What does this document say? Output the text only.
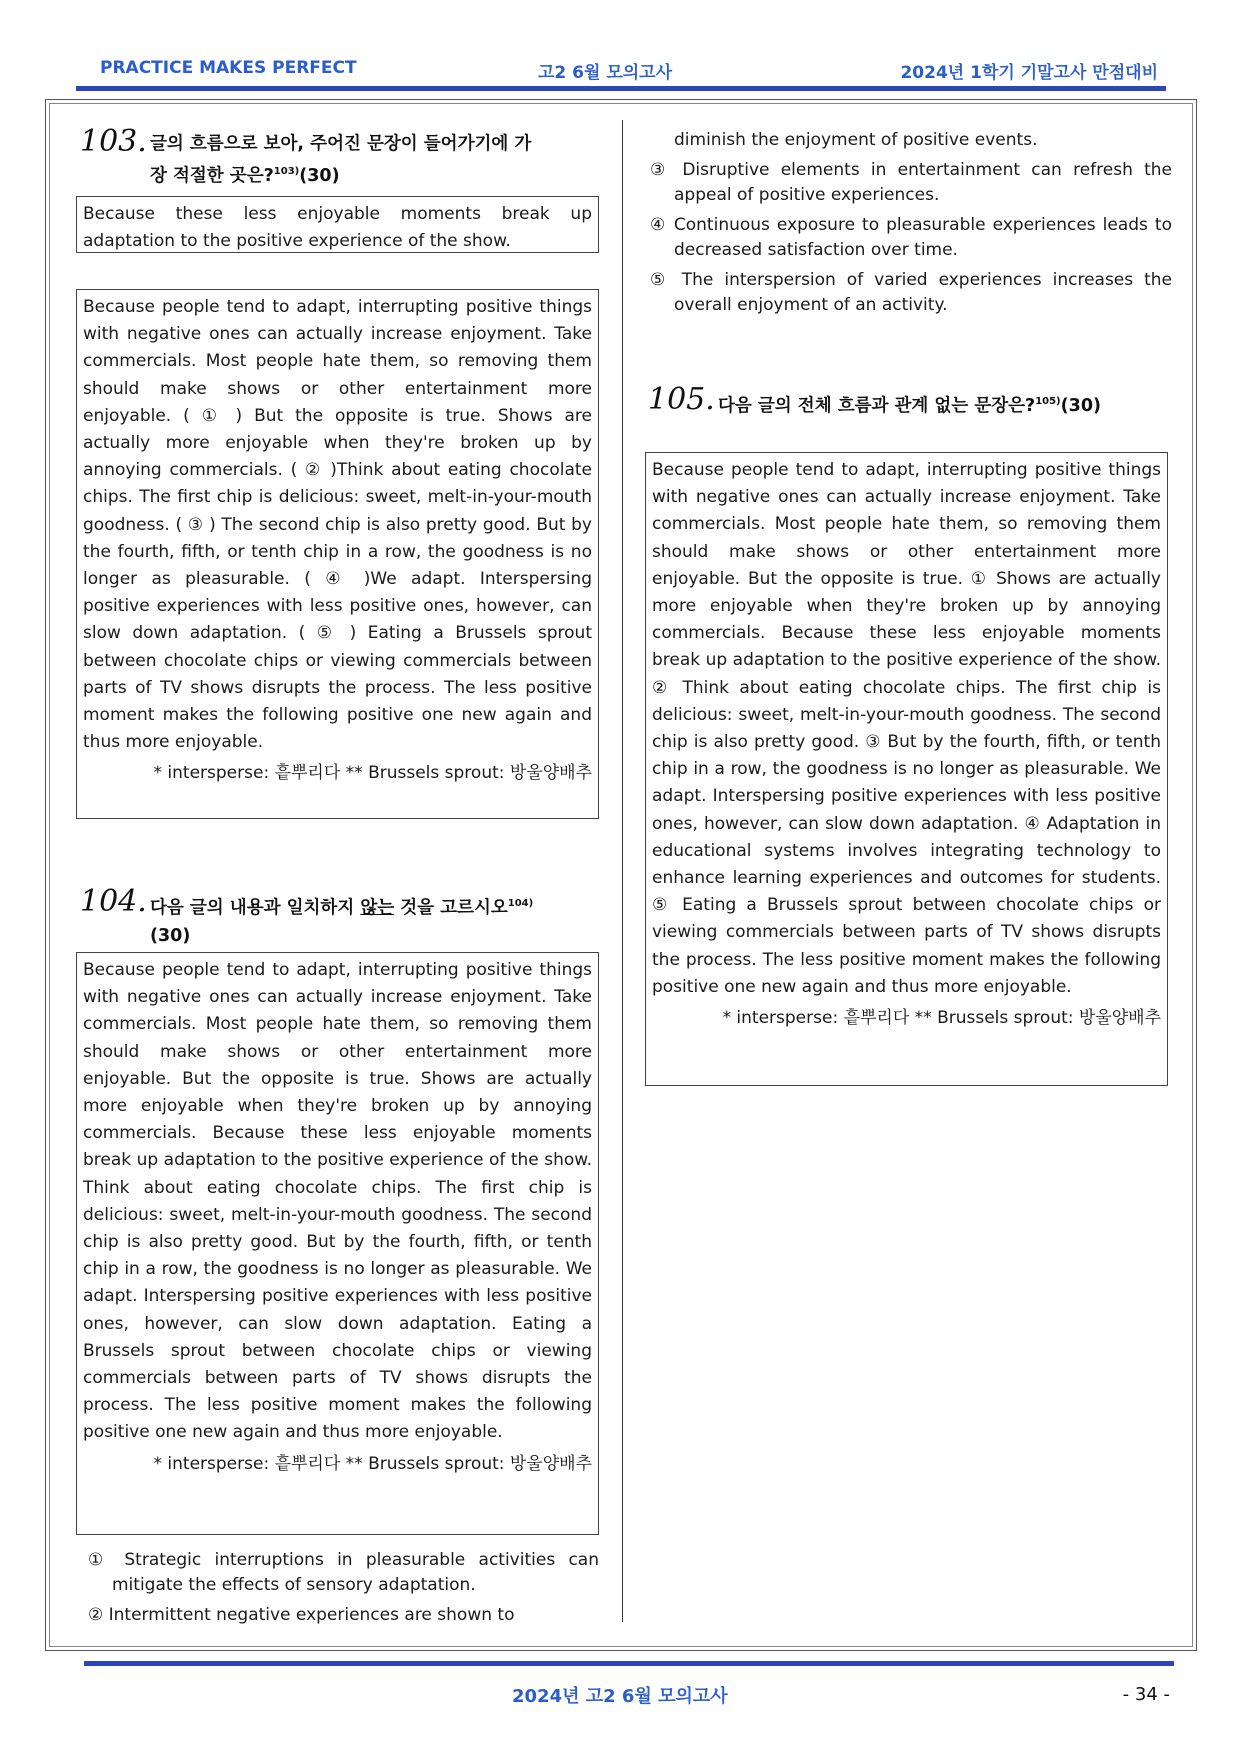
PRACTICE MAKES PERFECT	고2 6월 모의고사	2024년 1학기 기말고사 만점대비
103. 글의 흐름으로 보아, 주어진 문장이 들어가기에 가
장 적절한 곳은?$^{103)}$(30)
Because these less enjoyable moments break up adaptation to the positive experience of the show.
Because people tend to adapt, interrupting positive things with negative ones can actually increase enjoyment. Take commercials. Most people hate them, so removing them should make shows or other entertainment more enjoyable. ( ① ) But the opposite is true. Shows are actually more enjoyable when they're broken up by annoying commercials. ( ② )Think about eating chocolate chips. The first chip is delicious: sweet, melt-in-your-mouth goodness. ( ③ ) The second chip is also pretty good. But by the fourth, fifth, or tenth chip in a row, the goodness is no longer as pleasurable. ( ④ )We adapt. Interspersing positive experiences with less positive ones, however, can slow down adaptation. ( ⑤ ) Eating a Brussels sprout between chocolate chips or viewing commercials between parts of TV shows disrupts the process. The less positive moment makes the following positive one new again and thus more enjoyable.
* intersperse: 흩뿌리다 ** Brussels sprout: 방울양배추
104. 다음 글의 내용과 일치하지 않는 것을 고르시오$^{104)}$
(30)
Because people tend to adapt, interrupting positive things with negative ones can actually increase enjoyment. Take commercials. Most people hate them, so removing them should make shows or other entertainment more enjoyable. But the opposite is true. Shows are actually more enjoyable when they're broken up by annoying commercials. Because these less enjoyable moments break up adaptation to the positive experience of the show. Think about eating chocolate chips. The first chip is delicious: sweet, melt-in-your-mouth goodness. The second chip is also pretty good. But by the fourth, fifth, or tenth chip in a row, the goodness is no longer as pleasurable. We adapt. Interspersing positive experiences with less positive ones, however, can slow down adaptation. Eating a Brussels sprout between chocolate chips or viewing commercials between parts of TV shows disrupts the process. The less positive moment makes the following positive one new again and thus more enjoyable.
* intersperse: 흩뿌리다 ** Brussels sprout: 방울양배추
① Strategic interruptions in pleasurable activities can mitigate the effects of sensory adaptation.
② Intermittent negative experiences are shown to
diminish the enjoyment of positive events.
③ Disruptive elements in entertainment can refresh the appeal of positive experiences.
④ Continuous exposure to pleasurable experiences leads to decreased satisfaction over time.
⑤ The interspersion of varied experiences increases the overall enjoyment of an activity.
105. 다음 글의 전체 흐름과 관계 없는 문장은?$^{105)}$(30)
Because people tend to adapt, interrupting positive things with negative ones can actually increase enjoyment. Take commercials. Most people hate them, so removing them should make shows or other entertainment more enjoyable. But the opposite is true. ① Shows are actually more enjoyable when they're broken up by annoying commercials. Because these less enjoyable moments break up adaptation to the positive experience of the show. ② Think about eating chocolate chips. The first chip is delicious: sweet, melt-in-your-mouth goodness. The second chip is also pretty good. ③ But by the fourth, fifth, or tenth chip in a row, the goodness is no longer as pleasurable. We adapt. Interspersing positive experiences with less positive ones, however, can slow down adaptation. ④ Adaptation in educational systems involves integrating technology to enhance learning experiences and outcomes for students. ⑤ Eating a Brussels sprout between chocolate chips or viewing commercials between parts of TV shows disrupts the process. The less positive moment makes the following positive one new again and thus more enjoyable.
* intersperse: 흩뿌리다 ** Brussels sprout: 방울양배추
2024년 고2 6월 모의고사	- 34 -
